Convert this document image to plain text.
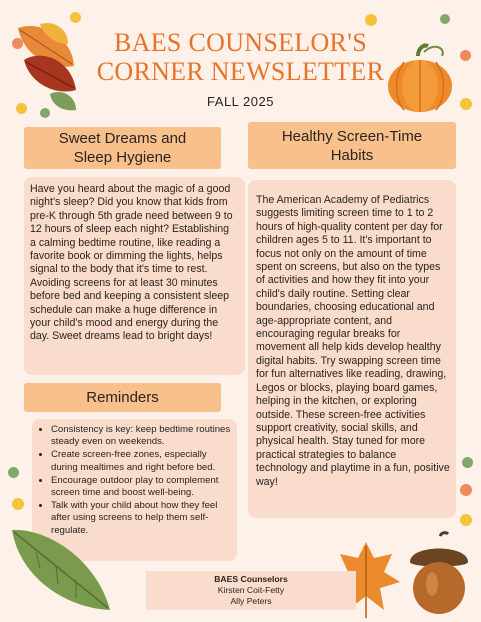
BAES COUNSELOR'S
CORNER NEWSLETTER
FALL 2025
Sweet Dreams and
Sleep Hygiene

Have you heard about the magic of a good night's sleep? Did you know that kids from pre-K through 5th grade need between 9 to 12 hours of sleep each night? Establishing a calming bedtime routine, like reading a favorite book or dimming the lights, helps signal to the body that it's time to rest. Avoiding screens for at least 30 minutes before bed and keeping a consistent sleep schedule can make a huge difference in your child's mood and energy during the day. Sweet dreams lead to bright days!

Healthy Screen-Time
Habits

The American Academy of Pediatrics suggests limiting screen time to 1 to 2 hours of high-quality content per day for children ages 5 to 11. It's important to focus not only on the amount of time spent on screens, but also on the types of activities and how they fit into your child's daily routine. Setting clear boundaries, choosing educational and age-appropriate content, and encouraging regular breaks for movement all help kids develop healthy digital habits. Try swapping screen time for fun alternatives like reading, drawing, Legos or blocks, playing board games, helping in the kitchen, or exploring outside. These screen-free activities support creativity, social skills, and physical health. Stay tuned for more practical strategies to balance technology and playtime in a fun, positive way!

Reminders
• Consistency is key: keep bedtime routines steady even on weekends.
• Create screen-free zones, especially during mealtimes and right before bed.
• Encourage outdoor play to complement screen time and boost well-being.
• Talk with your child about how they feel after using screens to help them self-regulate.
BAES Counselors
Kirsten Coit-Fetty
Ally Peters
